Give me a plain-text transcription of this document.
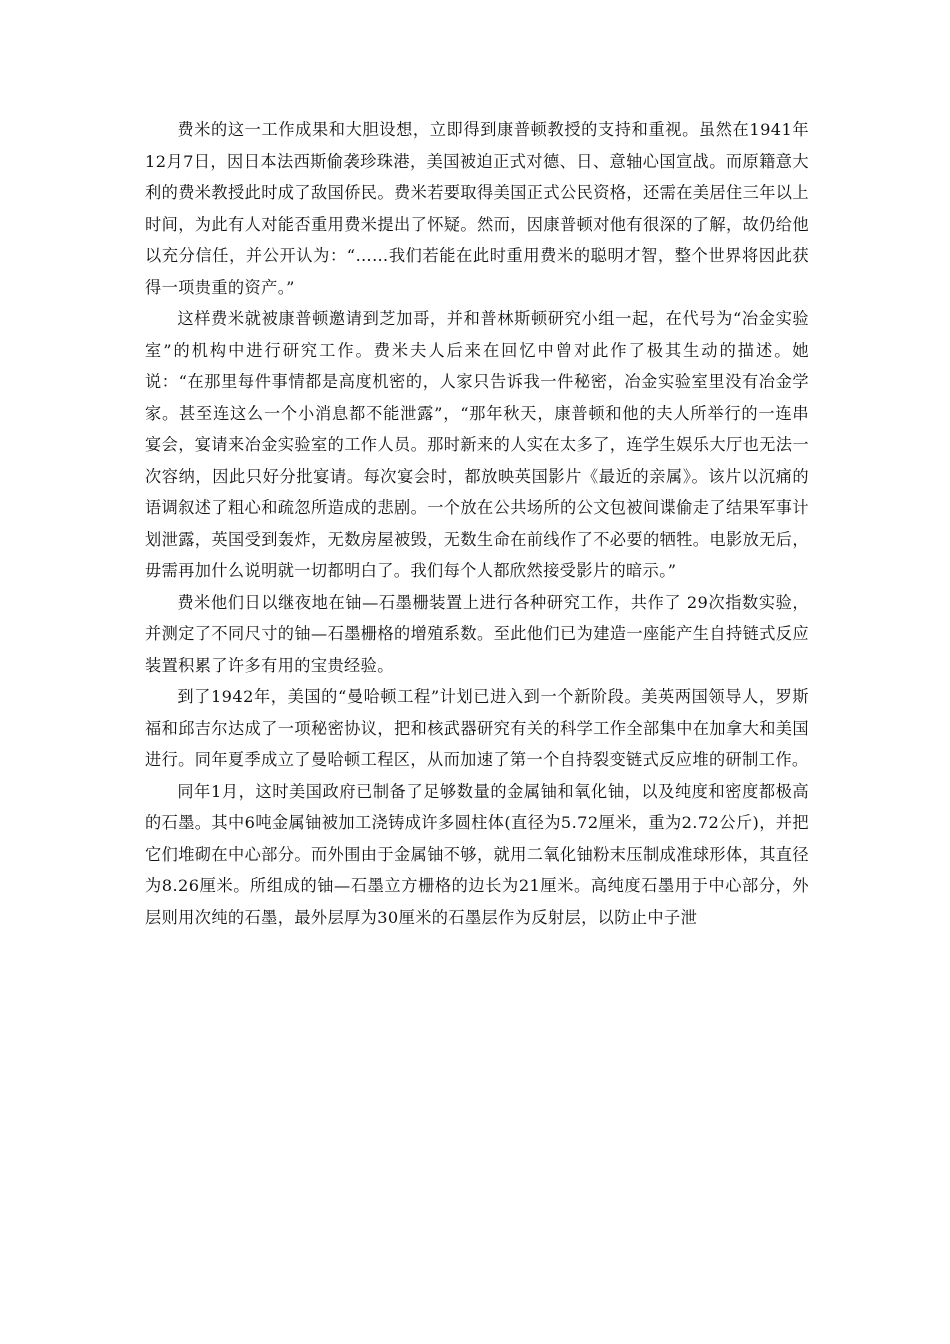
费米的这一工作成果和大胆设想，立即得到康普顿教授的支持和重视。虽然在1941年12月7日，因日本法西斯偷袭珍珠港，美国被迫正式对德、日、意轴心国宣战。而原籍意大利的费米教授此时成了敌国侨民。费米若要取得美国正式公民资格，还需在美居住三年以上时间，为此有人对能否重用费米提出了怀疑。然而，因康普顿对他有很深的了解，故仍给他以充分信任，并公开认为：“……我们若能在此时重用费米的聪明才智，整个世界将因此获得一项贵重的资产。”

这样费米就被康普顿邀请到芝加哥，并和普林斯顿研究小组一起，在代号为“冶金实验室”的机构中进行研究工作。费米夫人后来在回忆中曾对此作了极其生动的描述。她说：“在那里每件事情都是高度机密的，人家只告诉我一件秘密，冶金实验室里没有冶金学家。甚至连这么一个小消息都不能泄露”，“那年秋天，康普顿和他的夫人所举行的一连串宴会，宴请来冶金实验室的工作人员。那时新来的人实在太多了，连学生娱乐大厅也无法一次容纳，因此只好分批宴请。每次宴会时，都放映英国影片《最近的亲属》。该片以沉痛的语调叙述了粗心和疏忽所造成的悲剧。一个放在公共场所的公文包被间谍偷走了结果军事计划泄露，英国受到轰炸，无数房屋被毁，无数生命在前线作了不必要的牺牲。电影放无后，毋需再加什么说明就一切都明白了。我们每个人都欣然接受影片的暗示。”

费米他们日以继夜地在铀—石墨栅装置上进行各种研究工作，共作了 29次指数实验，并测定了不同尺寸的铀—石墨栅格的增殖系数。至此他们已为建造一座能产生自持链式反应装置积累了许多有用的宝贵经验。

到了1942年，美国的“曼哈顿工程”计划已进入到一个新阶段。美英两国领导人，罗斯福和邱吉尔达成了一项秘密协议，把和核武器研究有关的科学工作全部集中在加拿大和美国进行。同年夏季成立了曼哈顿工程区，从而加速了第一个自持裂变链式反应堆的研制工作。

同年1月，这时美国政府已制备了足够数量的金属铀和氧化铀，以及纯度和密度都极高的石墨。其中6吨金属铀被加工浇铸成许多圆柱体(直径为5.72厘米，重为2.72公斤)，并把它们堆砌在中心部分。而外围由于金属铀不够，就用二氧化铀粉末压制成准球形体，其直径为8.26厘米。所组成的铀—石墨立方栅格的边长为21厘米。高纯度石墨用于中心部分，外层则用次纯的石墨，最外层厚为30厘米的石墨层作为反射层，以防止中子泄
